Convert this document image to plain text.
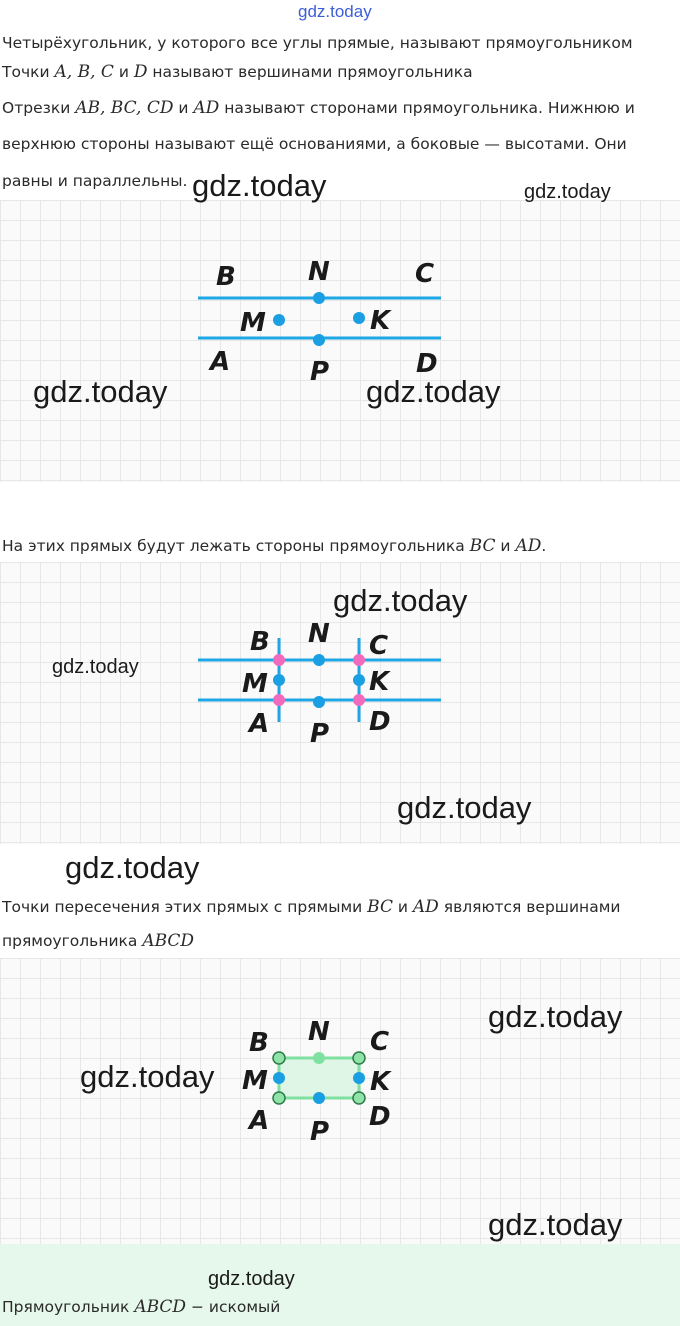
gdz.today
Четырёхугольник, у которого все углы прямые, называют прямоугольником
Точки A, B, C и D называют вершинами прямоугольника
Отрезки AB, BC, CD и AD называют сторонами прямоугольника. Нижнюю и
верхнюю стороны называют ещё основаниями, а боковые — высотами. Они
равны и параллельны.
B	N	C
M	K
A	P	D
На этих прямых будут лежать стороны прямоугольника BC и AD.
B N C
M	K
A P D
Точки пересечения этих прямых с прямыми BC и AD являются вершинами
прямоугольника ABCD
B N C
M	K
A P D
Прямоугольник ABCD − искомый
gdz.today	gdz.today
gdz.today	gdz.today
gdz.today
gdz.today
gdz.today
gdz.today
gdz.today
gdz.today
gdz.today
gdz.today
